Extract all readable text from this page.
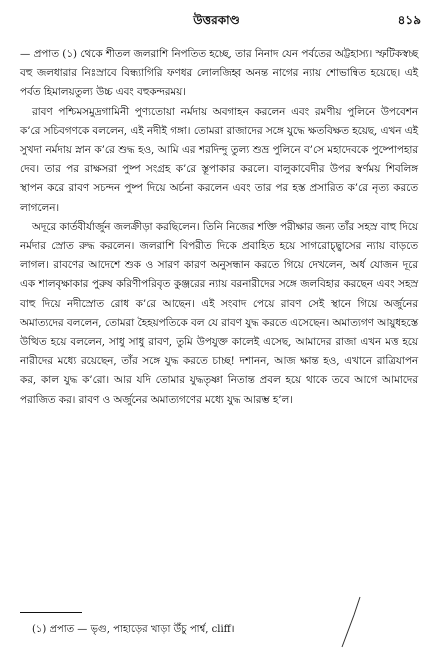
উত্তরকাণ্ড	৪১৯

— প্রপাত (১) থেকে শীতল জলরাশি নিপতিত হচ্ছে, তার নিনাদ যেন পর্বতের অট্টহাস্য। স্ফটিকস্বচ্ছ বহু জলধারার নিঃস্রাবে বিন্ধ্যাগিরি ফণধর লোলজিহ্ব অনন্ত নাগের ন্যায় শোভান্বিত হয়েছে। এই পর্বত হিমালয়তুল্য উচ্চ এবং বহুকন্দরময়।

রাবণ পশ্চিমসমুদ্রগামিনী পুণ্যতোয়া নর্মদায় অবগাহন করলেন এবং রমণীয় পুলিনে উপবেশন ক’রে সচিবগণকে বললেন, এই নদীই গঙ্গা। তোমরা রাজাদের সঙ্গে যুদ্ধে ক্ষতবিক্ষত হয়েছ, এখন এই সুখদা নর্মদায় স্নান ক’রে শুদ্ধ হও, আমি এর শরদিন্দু তুল্য শুভ্র পুলিনে ব’সে মহাদেবকে পুষ্পোপহার দেব। তার পর রাক্ষসরা পুষ্প সংগ্রহ ক’রে স্তূপাকার করলে। বালুকাবেদীর উপর স্বর্ণময় শিবলিঙ্গ স্থাপন করে রাবণ সচন্দন পুষ্প দিয়ে অর্চনা করলেন এবং তার পর হস্ত প্রসারিত ক’রে নৃত্য করতে লাগলেন।

অদূরে কার্তবীর্যার্জুন জলক্রীড়া করছিলেন। তিনি নিজের শক্তি পরীক্ষার জন্য তাঁর সহস্র বাহু দিয়ে নর্মদার স্রোত রুদ্ধ করলেন। জলরাশি বিপরীত দিকে প্রবাহিত হয়ে সাগরোচ্ছ্বাসের ন্যায় বাড়তে লাগল। রাবণের আদেশে শুক ও সারণ কারণ অনুসন্ধান করতে গিয়ে দেখলেন, অর্ধ যোজন দূরে এক শালবৃক্ষাকার পুরুষ করিণীপরিবৃত কুঞ্জরের ন্যায় বরনারীদের সঙ্গে জলবিহার করছেন এবং সহস্র বাহু দিয়ে নদীস্রোত রোধ ক’রে আছেন। এই সংবাদ পেয়ে রাবণ সেই স্থানে গিয়ে অর্জুনের অমাত্যদের বললেন, তোমরা হৈহয়পতিকে বল যে রাবণ যুদ্ধ করতে এসেছেন। অমাত্যগণ আয়ুধহস্তে উত্থিত হয়ে বললেন, সাধু সাধু রাবণ, তুমি উপযুক্ত কালেই এসেছ, আমাদের রাজা এখন মত্ত হয়ে নারীদের মধ্যে রয়েছেন, তাঁর সঙ্গে যুদ্ধ করতে চাচ্ছ! দশানন, আজ ক্ষান্ত হও, এখানে রাত্রিযাপন কর, কাল যুদ্ধ ক’রো। আর যদি তোমার যুদ্ধতৃষ্ণা নিতান্ত প্রবল হয়ে থাকে তবে আগে আমাদের পরাজিত কর। রাবণ ও অর্জুনের অমাত্যগণের মধ্যে যুদ্ধ আরম্ভ হ’ল।

(১) প্রপাত — ভৃগু, পাহাড়ের খাড়া উঁচু পার্শ্ব, cliff।
